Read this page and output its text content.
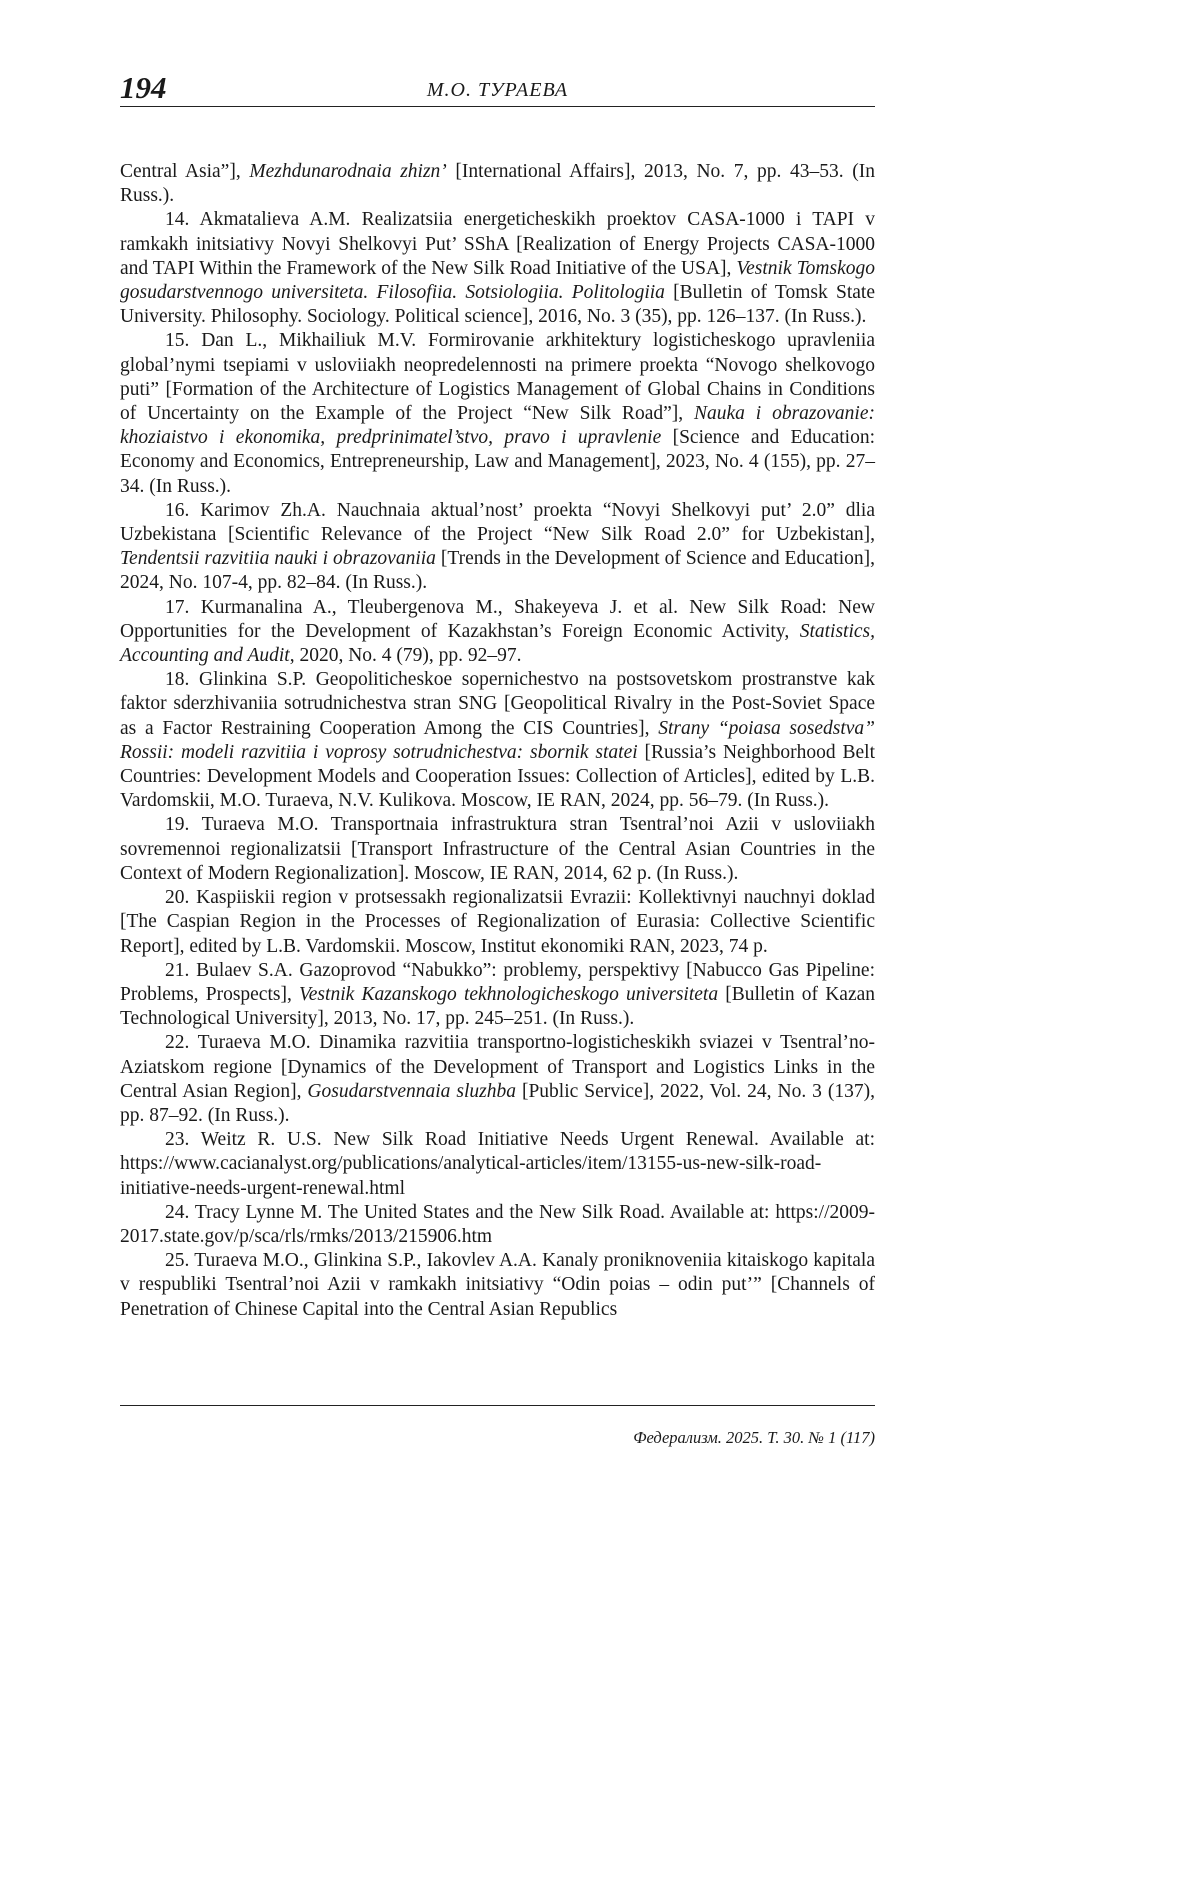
194	М.О. ТУРАЕВА

Central Asia”], Mezhdunarodnaia zhizn’ [International Affairs], 2013, No. 7, pp. 43–53. (In Russ.).

14. Akmatalieva A.M. Realizatsiia energeticheskikh proektov CASA-1000 i TAPI v ramkakh initsiativy Novyi Shelkovyi Put’ SShA [Realization of Energy Projects CASA-1000 and TAPI Within the Framework of the New Silk Road Initiative of the USA], Vestnik Tomskogo gosudarstvennogo universiteta. Filosofiia. Sotsiologiia. Politologiia [Bulletin of Tomsk State University. Philosophy. Sociology. Political science], 2016, No. 3 (35), pp. 126–137. (In Russ.).

15. Dan L., Mikhailiuk M.V. Formirovanie arkhitektury logisticheskogo upravleniia global’nymi tsepiami v usloviiakh neopredelennosti na primere proekta “Novogo shelkovogo puti” [Formation of the Architecture of Logistics Management of Global Chains in Conditions of Uncertainty on the Example of the Project “New Silk Road”], Nauka i obrazovanie: khoziaistvo i ekonomika, predprinimatel’stvo, pravo i upravlenie [Science and Education: Economy and Economics, Entrepreneurship, Law and Management], 2023, No. 4 (155), pp. 27–34. (In Russ.).

16. Karimov Zh.A. Nauchnaia aktual’nost’ proekta “Novyi Shelkovyi put’ 2.0” dlia Uzbekistana [Scientific Relevance of the Project “New Silk Road 2.0” for Uzbekistan], Tendentsii razvitiia nauki i obrazovaniia [Trends in the Development of Science and Education], 2024, No. 107-4, pp. 82–84. (In Russ.).

17. Kurmanalina A., Tleubergenova M., Shakeyeva J. et al. New Silk Road: New Opportunities for the Development of Kazakhstan’s Foreign Economic Activity, Statistics, Accounting and Audit, 2020, No. 4 (79), pp. 92–97.

18. Glinkina S.P. Geopoliticheskoe sopernichestvo na postsovetskom prostranstve kak faktor sderzhivaniia sotrudnichestva stran SNG [Geopolitical Rivalry in the Post-Soviet Space as a Factor Restraining Cooperation Among the CIS Countries], Strany “poiasa sosedstva” Rossii: modeli razvitiia i voprosy sotrudnichestva: sbornik statei [Russia’s Neighborhood Belt Countries: Development Models and Cooperation Issues: Collection of Articles], edited by L.B. Vardomskii, M.O. Turaeva, N.V. Kulikova. Moscow, IE RAN, 2024, pp. 56–79. (In Russ.).

19. Turaeva M.O. Transportnaia infrastruktura stran Tsentral’noi Azii v usloviiakh sovremennoi regionalizatsii [Transport Infrastructure of the Central Asian Countries in the Context of Modern Regionalization]. Moscow, IE RAN, 2014, 62 p. (In Russ.).

20. Kaspiiskii region v protsessakh regionalizatsii Evrazii: Kollektivnyi nauchnyi doklad [The Caspian Region in the Processes of Regionalization of Eurasia: Collective Scientific Report], edited by L.B. Vardomskii. Moscow, Institut ekonomiki RAN, 2023, 74 p.

21. Bulaev S.A. Gazoprovod “Nabukko”: problemy, perspektivy [Nabucco Gas Pipeline: Problems, Prospects], Vestnik Kazanskogo tekhnologicheskogo universiteta [Bulletin of Kazan Technological University], 2013, No. 17, pp. 245–251. (In Russ.).

22. Turaeva M.O. Dinamika razvitiia transportno-logisticheskikh sviazei v Tsentral’no-Aziatskom regione [Dynamics of the Development of Transport and Logistics Links in the Central Asian Region], Gosudarstvennaia sluzhba [Public Service], 2022, Vol. 24, No. 3 (137), pp. 87–92. (In Russ.).

23. Weitz R. U.S. New Silk Road Initiative Needs Urgent Renewal. Available at: https://www.cacianalyst.org/publications/analytical-articles/item/13155-us-new-silk-road-initiative-needs-urgent-renewal.html

24. Tracy Lynne M. The United States and the New Silk Road. Available at: https://2009-2017.state.gov/p/sca/rls/rmks/2013/215906.htm

25. Turaeva M.O., Glinkina S.P., Iakovlev A.A. Kanaly proniknoveniia kitaiskogo kapitala v respubliki Tsentral’noi Azii v ramkakh initsiativy “Odin poias – odin put’” [Channels of Penetration of Chinese Capital into the Central Asian Republics

Федерализм. 2025. Т. 30. № 1 (117)
